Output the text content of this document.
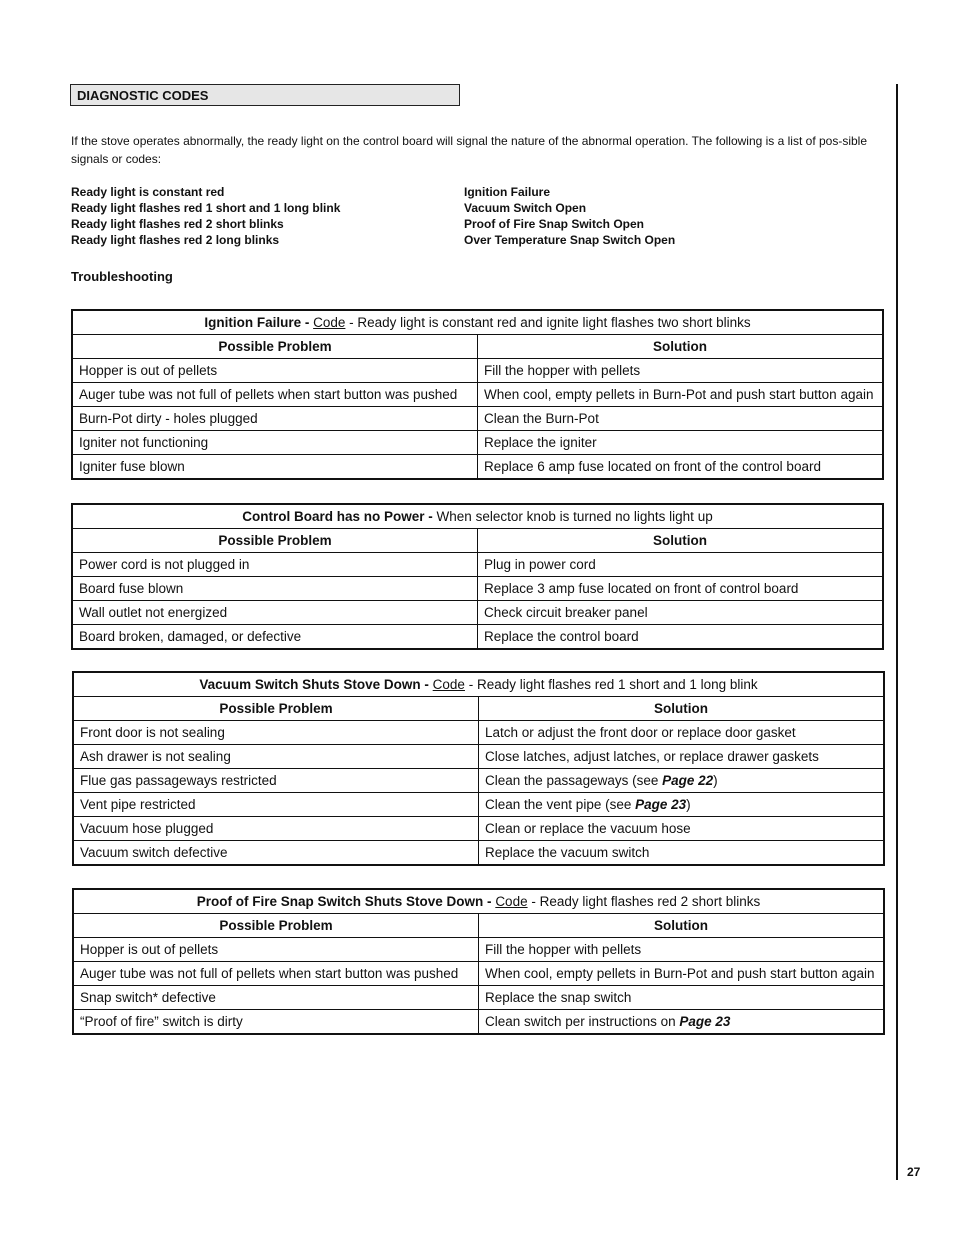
27
DIAGNOSTIC CODES
If the stove operates abnormally, the ready light on the control board will signal the nature of the abnormal operation. The following is a list of pos-sible signals or codes:
Ready light is constant red	Ignition Failure
Ready light flashes red 1 short and 1 long blink	Vacuum Switch Open
Ready light flashes red 2 short blinks	Proof of Fire Snap Switch Open
Ready light flashes red 2 long blinks	Over Temperature Snap Switch Open
Troubleshooting
Ignition Failure - Code - Ready light is constant red and ignite light flashes two short blinks	
Possible Problem	Solution
Hopper is out of pellets	Fill the hopper with pellets
Auger tube was not full of pellets when start button was pushed	When cool, empty pellets in Burn-Pot and push start button again
Burn-Pot dirty - holes plugged	Clean the Burn-Pot
Igniter not functioning	Replace the igniter
Igniter fuse blown	Replace 6 amp fuse located on front of the control board
Control Board has no Power - When selector knob is turned no lights light up	
Possible Problem	Solution
Power cord is not plugged in	Plug in power cord
Board fuse blown	Replace 3 amp fuse located on front of control board
Wall outlet not energized	Check circuit breaker panel
Board broken, damaged, or defective	Replace the control board
Vacuum Switch Shuts Stove Down - Code - Ready light flashes red 1 short and 1 long blink	
Possible Problem	Solution
Front door is not sealing	Latch or adjust the front door or replace door gasket
Ash drawer is not sealing	Close latches, adjust latches, or replace drawer gaskets
Flue gas passageways restricted	Clean the passageways (see Page 22)
Vent pipe restricted	Clean the vent pipe (see Page 23)
Vacuum hose plugged	Clean or replace the vacuum hose
Vacuum switch defective	Replace the vacuum switch
Proof of Fire Snap Switch Shuts Stove Down - Code - Ready light flashes red 2 short blinks	
Possible Problem	Solution
Hopper is out of pellets	Fill the hopper with pellets
Auger tube was not full of pellets when start button was pushed	When cool, empty pellets in Burn-Pot and push start button again
Snap switch* defective	Replace the snap switch
“Proof of fire” switch is dirty	Clean switch per instructions on Page 23
